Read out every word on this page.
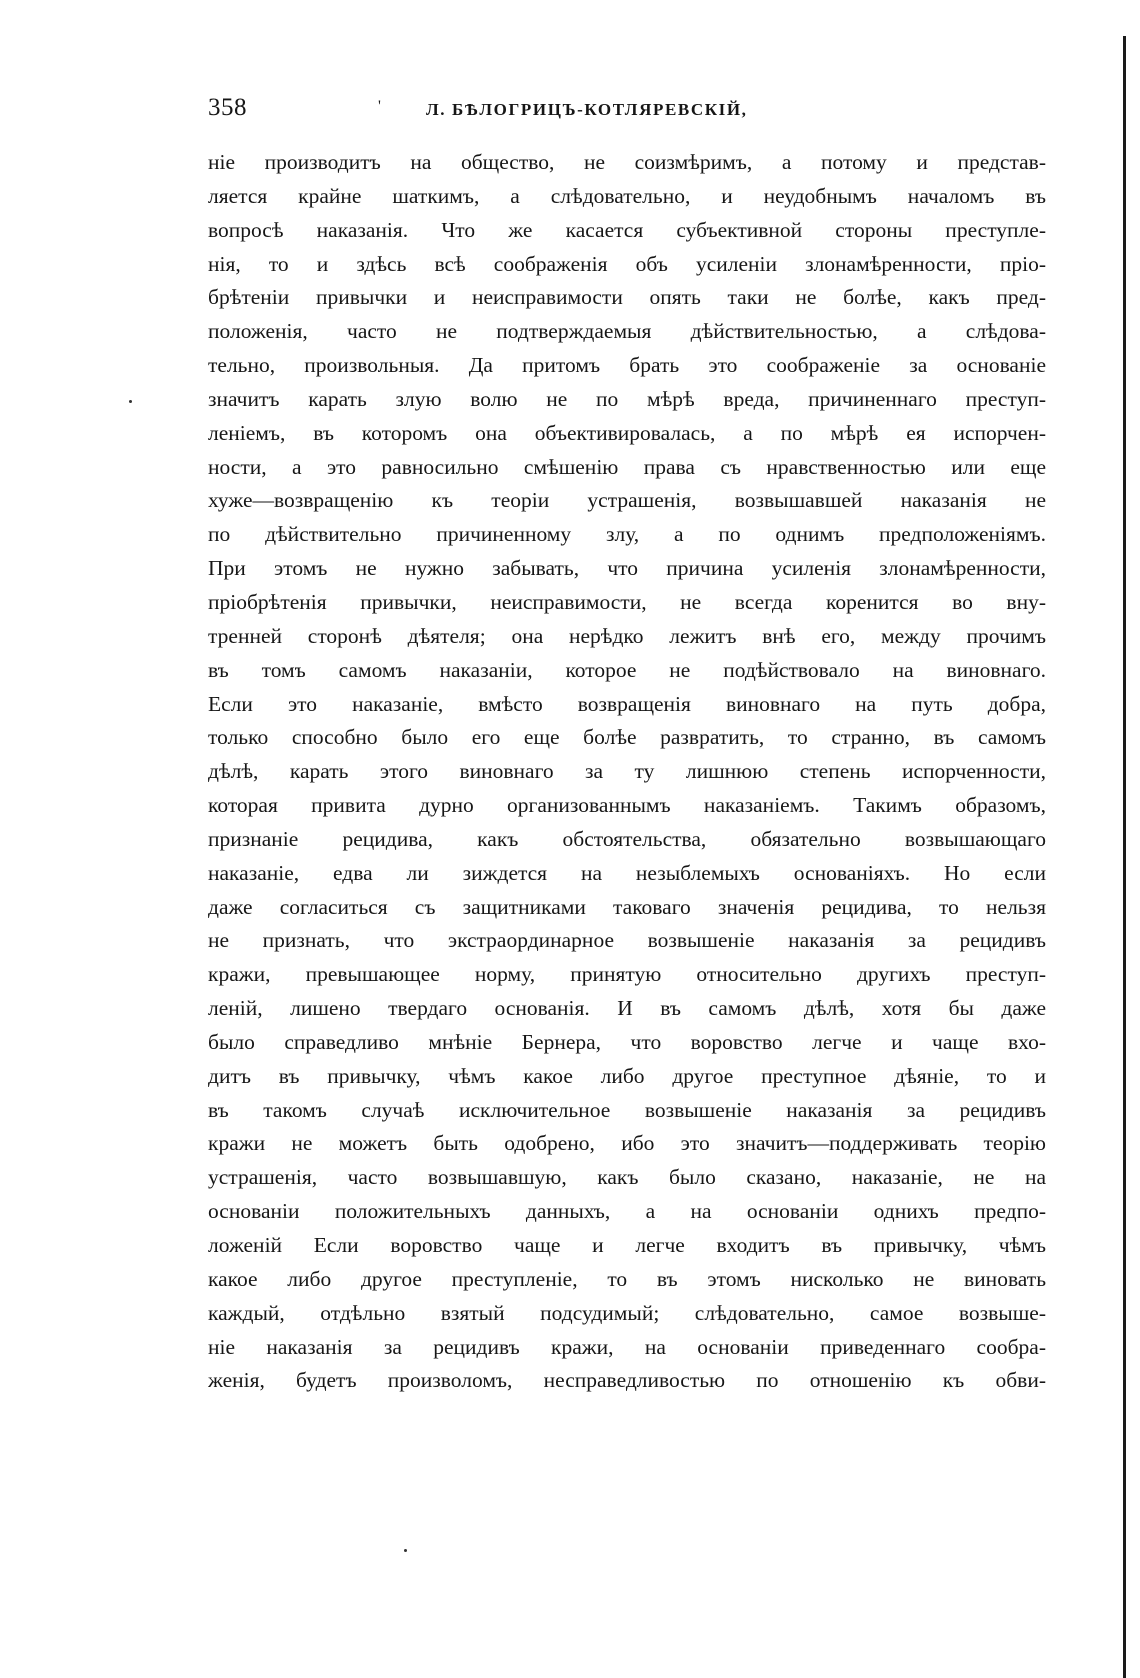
358	'	Л. БѢЛОГРИЦЪ-КОТЛЯРЕВСКІЙ,
ніе производитъ на общество, не соизмѣримъ, а потому и представ-
ляется крайне шаткимъ, а слѣдовательно, и неудобнымъ началомъ въ
вопросѣ наказанія. Что же касается субъективной стороны преступле-
нія, то и здѣсь всѣ соображенія объ усиленіи злонамѣренности, пріо-
брѣтеніи привычки и неисправимости опять таки не болѣе, какъ пред-
положенія, часто не подтверждаемыя дѣйствительностью, а слѣдова-
тельно, произвольныя. Да притомъ брать это соображеніе за основаніе
значитъ карать злую волю не по мѣрѣ вреда, причиненнаго преступ-
леніемъ, въ которомъ она объективировалась, а по мѣрѣ ея испорчен-
ности, а это равносильно смѣшенію права съ нравственностью или еще
хуже—возвращенію къ теоріи устрашенія, возвышавшей наказанія не
по дѣйствительно причиненному злу, а по однимъ предположеніямъ.
При этомъ не нужно забывать, что причина усиленія злонамѣренности,
пріобрѣтенія привычки, неисправимости, не всегда коренится во вну-
тренней сторонѣ дѣятеля; она нерѣдко лежитъ внѣ его, между прочимъ
въ томъ самомъ наказаніи, которое не подѣйствовало на виновнаго.
Если это наказаніе, вмѣсто возвращенія виновнаго на путь добра,
только способно было его еще болѣе развратить, то странно, въ самомъ
дѣлѣ, карать этого виновнаго за ту лишнюю степень испорченности,
которая привита дурно организованнымъ наказаніемъ. Такимъ образомъ,
признаніе рецидива, какъ обстоятельства, обязательно возвышающаго
наказаніе, едва ли зиждется на незыблемыхъ основаніяхъ. Но если
даже согласиться съ защитниками таковаго значенія рецидива, то нельзя
не признать, что экстраординарное возвышеніе наказанія за рецидивъ
кражи, превышающее норму, принятую относительно другихъ преступ-
леній, лишено твердаго основанія. И въ самомъ дѣлѣ, хотя бы даже
было справедливо мнѣніе Бернера, что воровство легче и чаще вхо-
дитъ въ привычку, чѣмъ какое либо другое преступное дѣяніе, то и
въ такомъ случаѣ исключительное возвышеніе наказанія за рецидивъ
кражи не можетъ быть одобрено, ибо это значитъ—поддерживать теорію
устрашенія, часто возвышавшую, какъ было сказано, наказаніе, не на
основаніи положительныхъ данныхъ, а на основаніи однихъ предпо-
ложеній Если воровство чаще и легче входитъ въ привычку, чѣмъ
какое либо другое преступленіе, то въ этомъ нисколько не виновать
каждый, отдѣльно взятый подсудимый; слѣдовательно, самое возвыше-
ніе наказанія за рецидивъ кражи, на основаніи приведеннаго сообра-
женія, будетъ произволомъ, несправедливостью по отношенію къ обви-
